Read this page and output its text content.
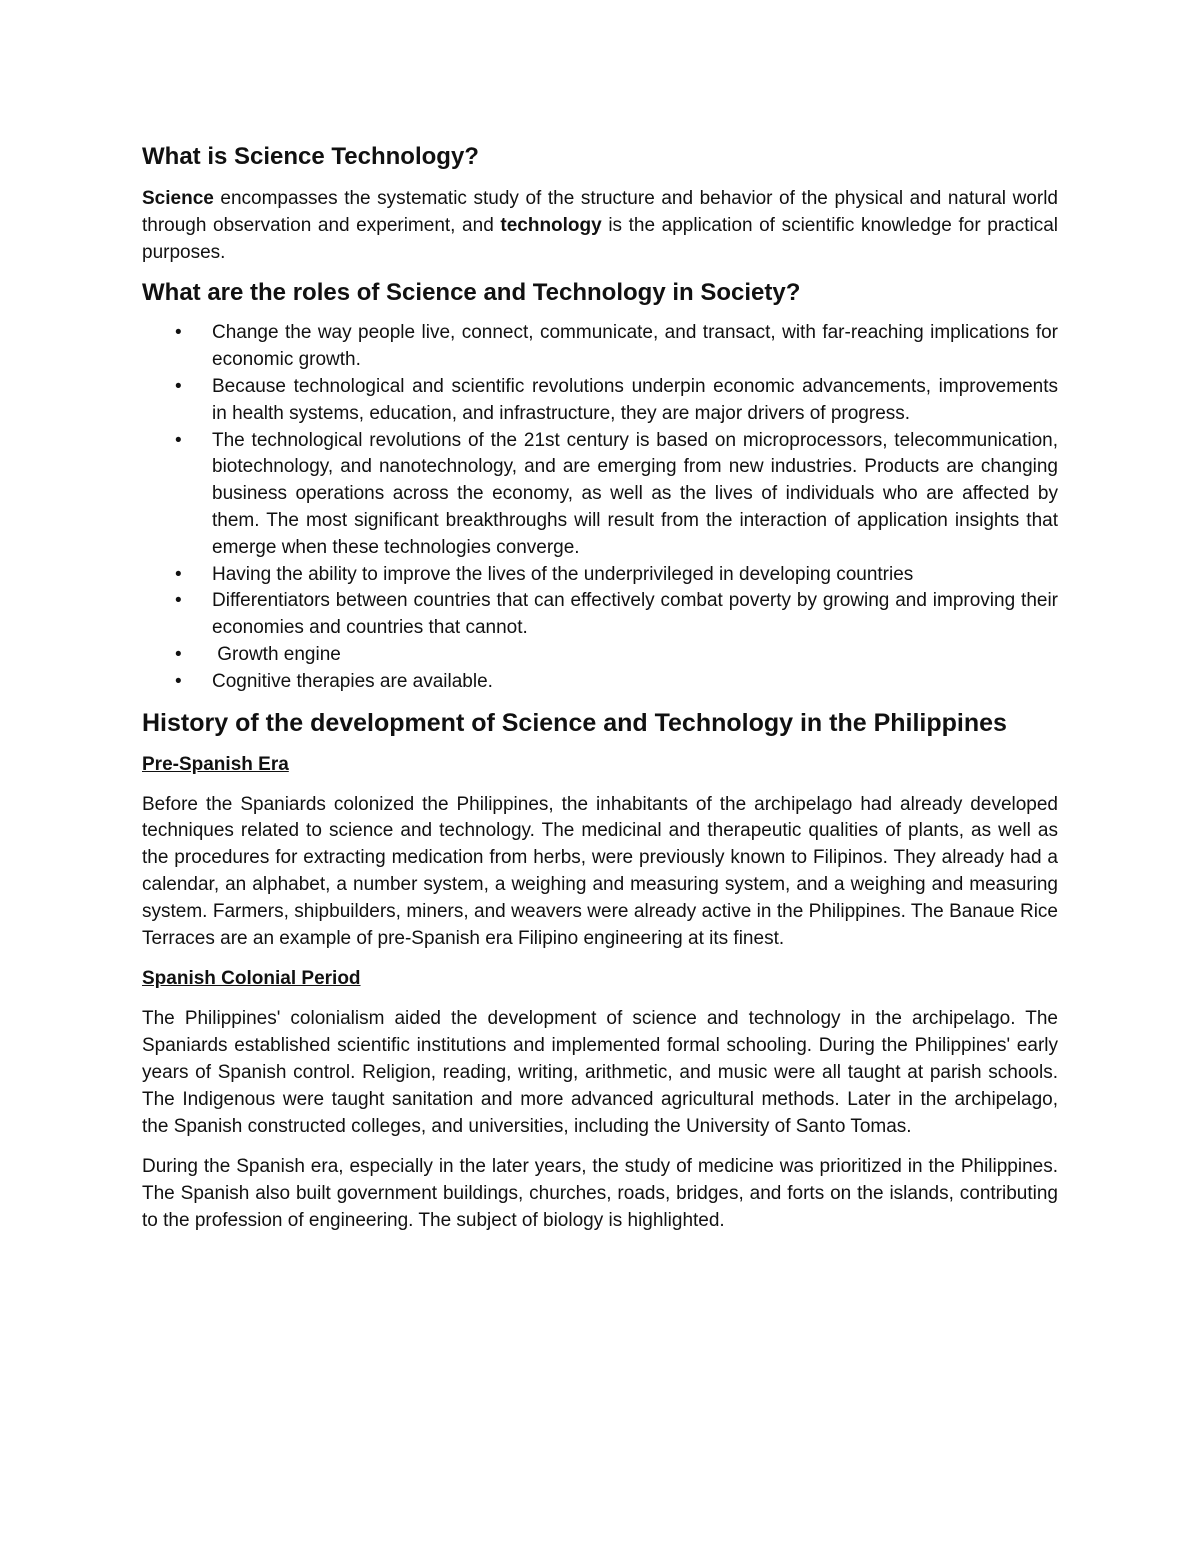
What is Science Technology?

Science encompasses the systematic study of the structure and behavior of the physical and natural world through observation and experiment, and technology is the application of scientific knowledge for practical purposes.

What are the roles of Science and Technology in Society?
• Change the way people live, connect, communicate, and transact, with far-reaching implications for economic growth.
• Because technological and scientific revolutions underpin economic advancements, improvements in health systems, education, and infrastructure, they are major drivers of progress.
• The technological revolutions of the 21st century is based on microprocessors, telecommunication, biotechnology, and nanotechnology, and are emerging from new industries. Products are changing business operations across the economy, as well as the lives of individuals who are affected by them. The most significant breakthroughs will result from the interaction of application insights that emerge when these technologies converge.
• Having the ability to improve the lives of the underprivileged in developing countries
• Differentiators between countries that can effectively combat poverty by growing and improving their economies and countries that cannot.
• Growth engine
• Cognitive therapies are available.
History of the development of Science and Technology in the Philippines
Pre-Spanish Era

Before the Spaniards colonized the Philippines, the inhabitants of the archipelago had already developed techniques related to science and technology. The medicinal and therapeutic qualities of plants, as well as the procedures for extracting medication from herbs, were previously known to Filipinos. They already had a calendar, an alphabet, a number system, a weighing and measuring system, and a weighing and measuring system. Farmers, shipbuilders, miners, and weavers were already active in the Philippines. The Banaue Rice Terraces are an example of pre-Spanish era Filipino engineering at its finest.

Spanish Colonial Period

The Philippines' colonialism aided the development of science and technology in the archipelago. The Spaniards established scientific institutions and implemented formal schooling. During the Philippines' early years of Spanish control. Religion, reading, writing, arithmetic, and music were all taught at parish schools. The Indigenous were taught sanitation and more advanced agricultural methods. Later in the archipelago, the Spanish constructed colleges, and universities, including the University of Santo Tomas.

During the Spanish era, especially in the later years, the study of medicine was prioritized in the Philippines. The Spanish also built government buildings, churches, roads, bridges, and forts on the islands, contributing to the profession of engineering. The subject of biology is highlighted.
